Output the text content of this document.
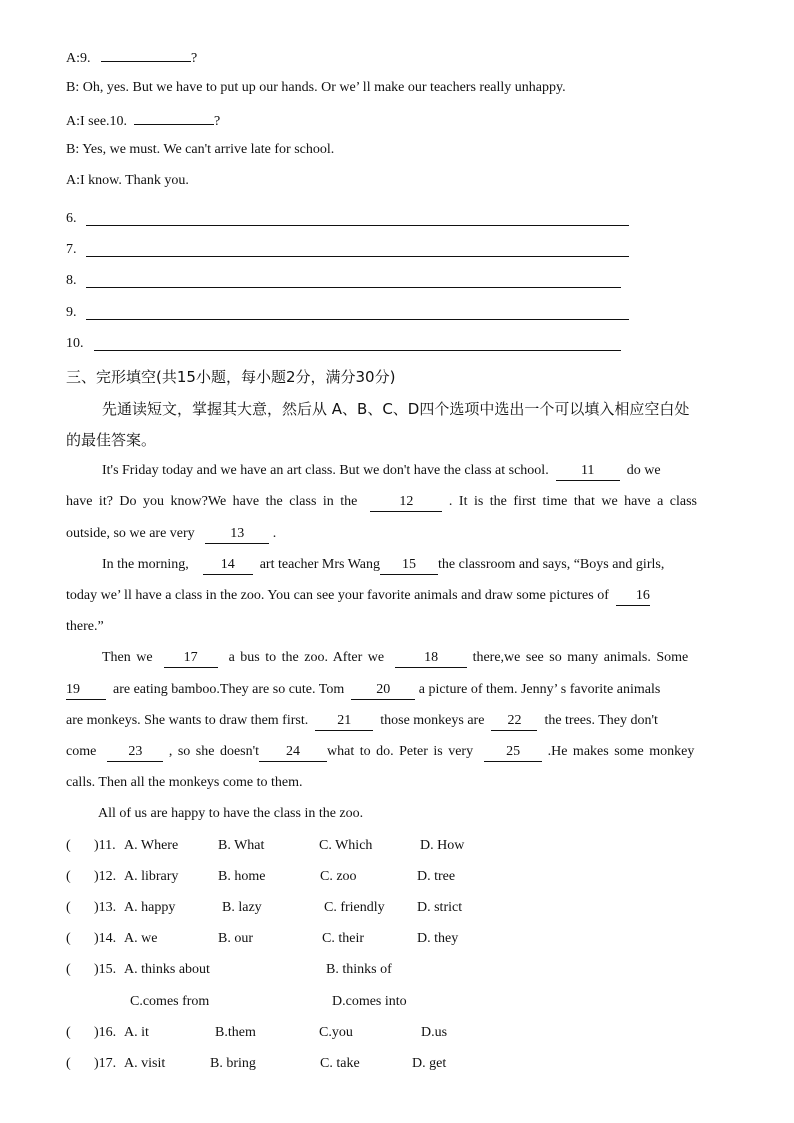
A:9.	?
B: Oh, yes. But we have to put up our hands. Or we’ ll make our teachers really unhappy.
A:I see.10.	?
B: Yes, we must. We can't arrive late for school.
A:I know. Thank you.
6.
7.
8.
9.
10.
三、完形填空(共15小题，每小题2分，满分30分)
先通读短文，掌握其大意，然后从 A、B、C、D四个选项中选出一个可以填入相应空白处
的最佳答案。
It's Friday today and we have an art class. But we don't have the class at school. 11 do we
have it? Do you know?We have the class in the	12	. It is the first time that we have a class
outside, so we are very	13 .
In the morning, 14 art teacher Mrs Wang 15 the classroom and says, “Boys and girls,
today we’ ll have a class in the zoo. You can see your favorite animals and draw some pictures of 16
there.”
Then we 17 a bus to the zoo. After we	18 there,we see so many animals. Some
19 are eating bamboo.They are so cute. Tom 20 a picture of them. Jenny’ s favorite animals
are monkeys. She wants to draw them first. 21 those monkeys are 22 the trees. They don't
come 23 , so she doesn't 24 what to do. Peter is very 25 .He makes some monkey
calls. Then all the monkeys come to them.
All of us are happy to have the class in the zoo.
( )11. A. Where	B. What	C. Which	D. How
( )12. A. library	B. home	C. zoo	D. tree
( )13. A. happy	B. lazy	C. friendly D. strict
( )14. A. we	B. our	C. their	D. they
( )15. A. thinks about	B. thinks of
C.comes from	D.comes into
( )16. A. it	B.them	C.you	D.us
( )17. A. visit	B. bring	C. take	D. get
